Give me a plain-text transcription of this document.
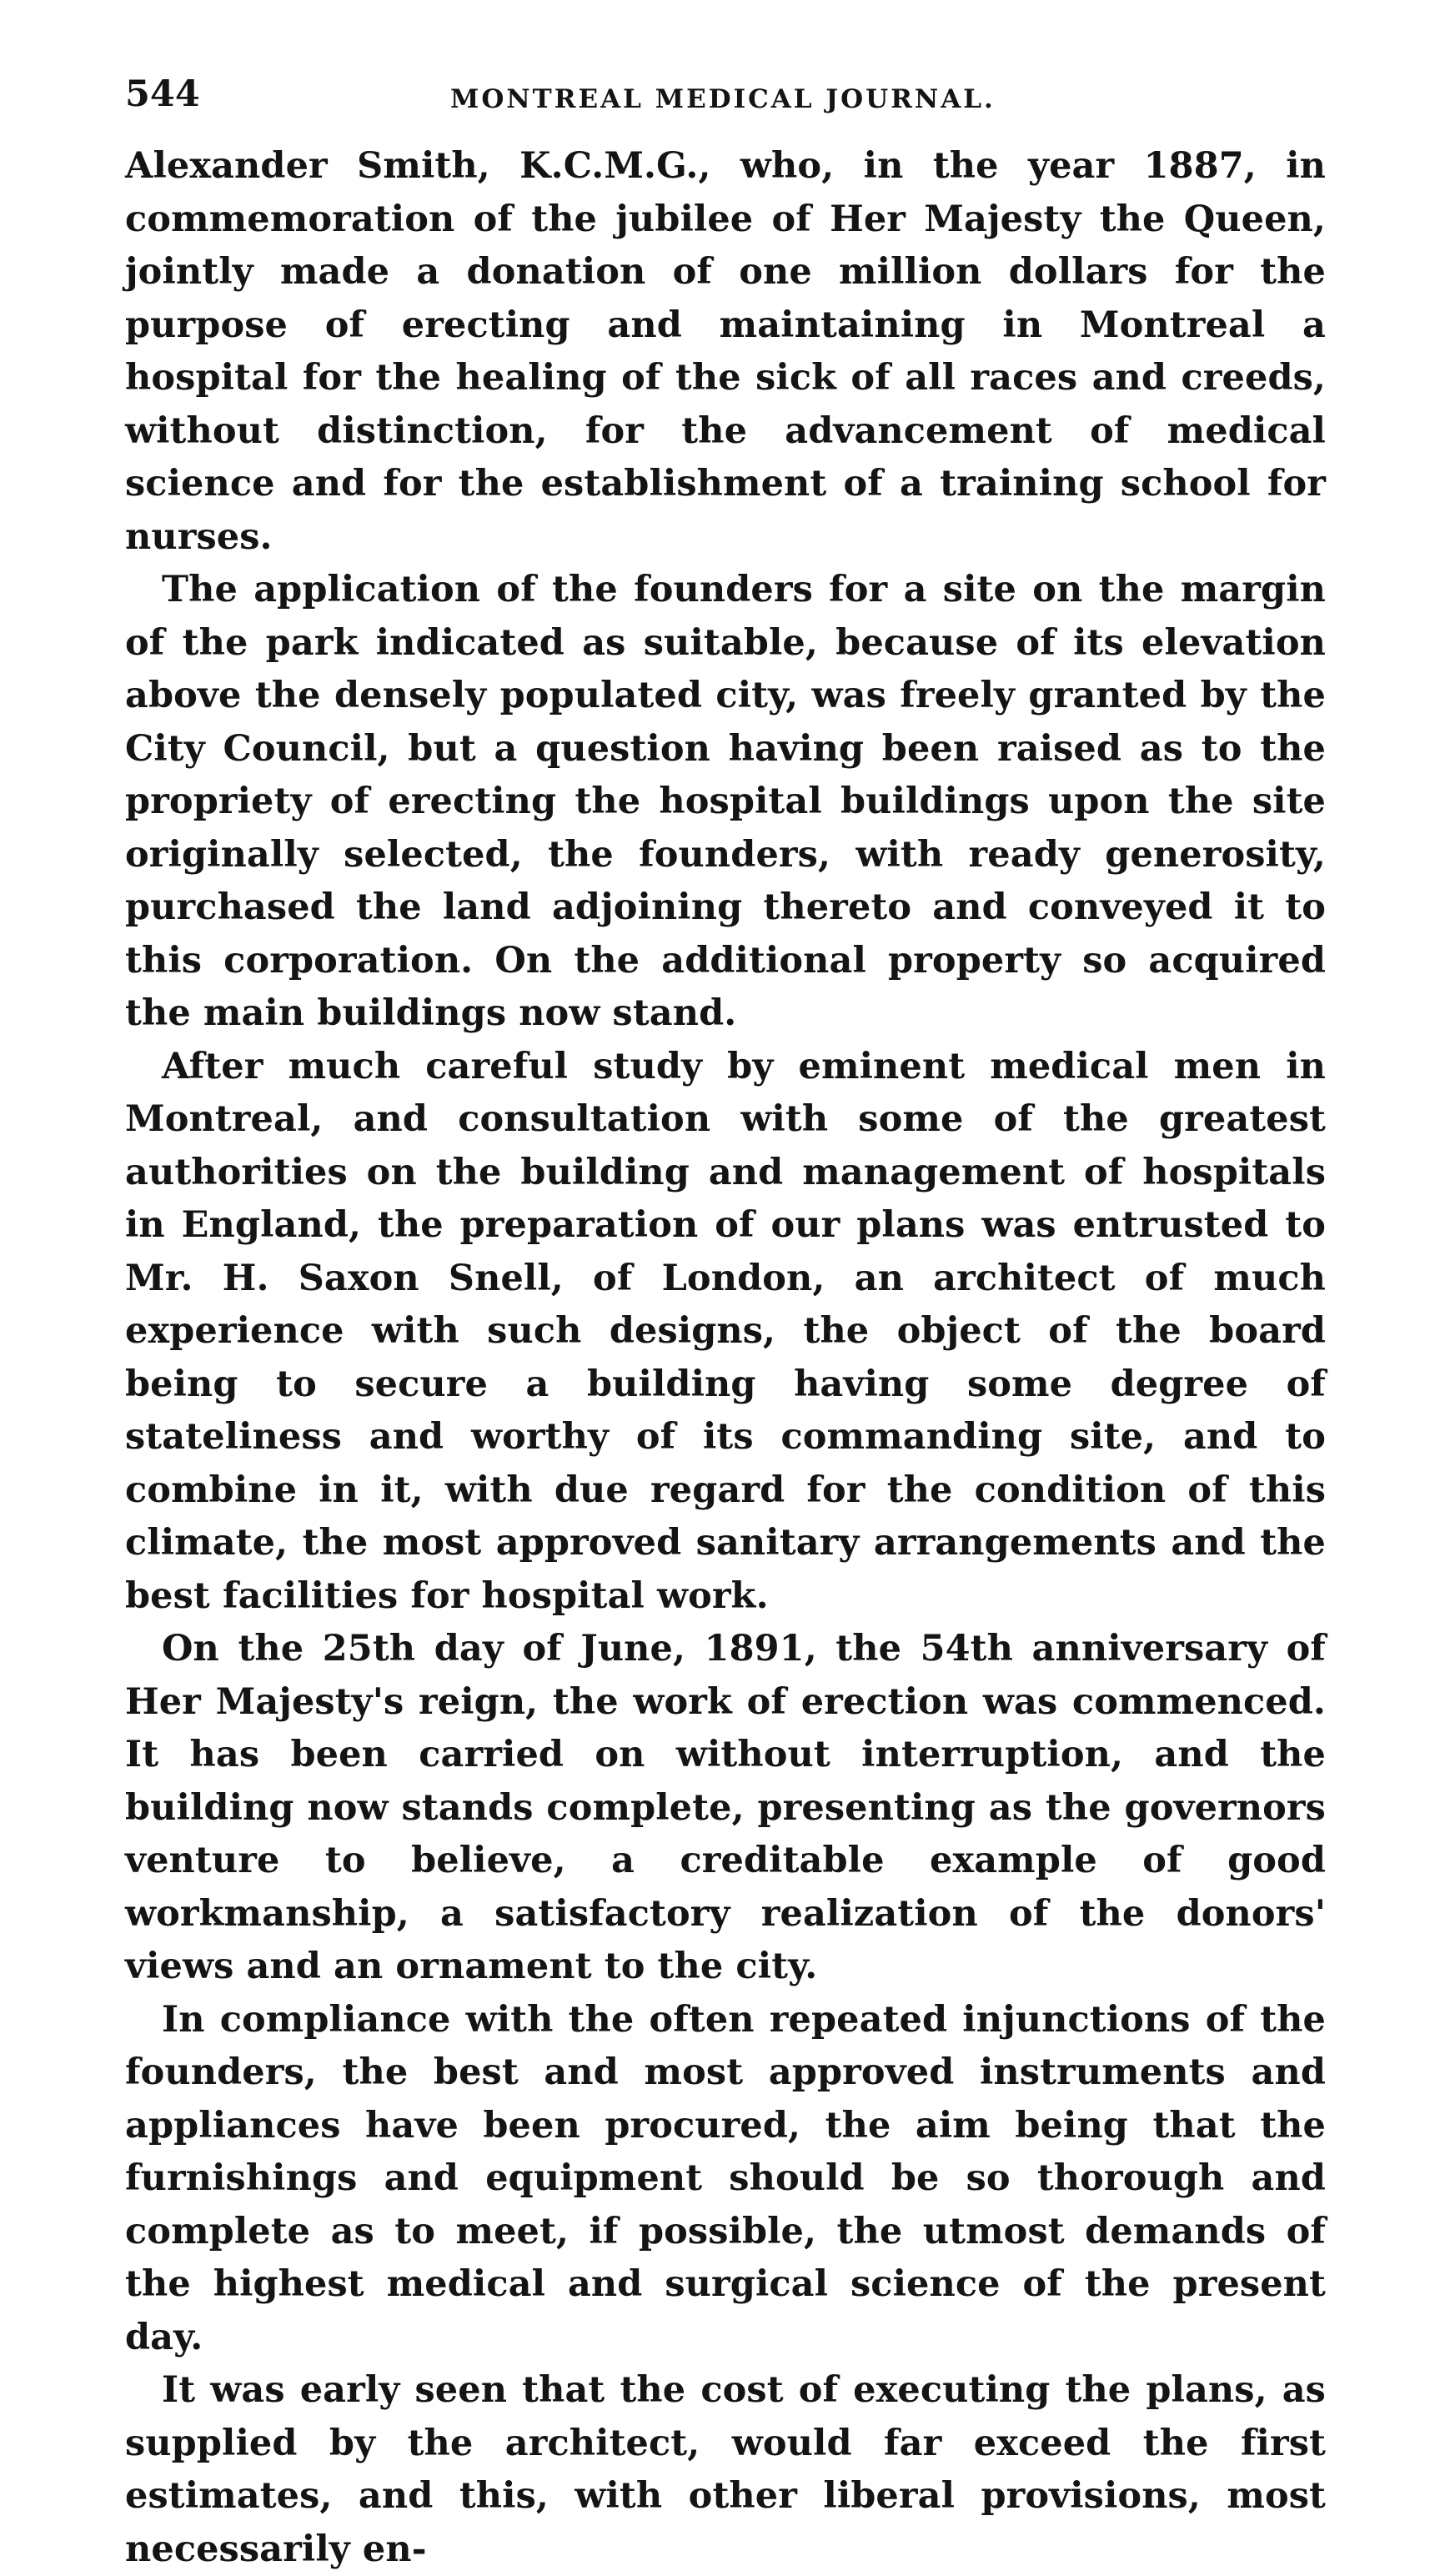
544	MONTREAL MEDICAL JOURNAL.

Alexander Smith, K.C.M.G., who, in the year 1887, in commemoration of the jubilee of Her Majesty the Queen, jointly made a donation of one million dollars for the purpose of erecting and maintaining in Montreal a hospital for the healing of the sick of all races and creeds, without distinction, for the advancement of medical science and for the establishment of a training school for nurses.

The application of the founders for a site on the margin of the park indicated as suitable, because of its elevation above the densely populated city, was freely granted by the City Council, but a question having been raised as to the propriety of erecting the hospital buildings upon the site originally selected, the founders, with ready generosity, purchased the land adjoining thereto and conveyed it to this corporation. On the additional property so acquired the main buildings now stand.

After much careful study by eminent medical men in Montreal, and consultation with some of the greatest authorities on the building and management of hospitals in England, the preparation of our plans was entrusted to Mr. H. Saxon Snell, of London, an architect of much experience with such designs, the object of the board being to secure a building having some degree of stateliness and worthy of its commanding site, and to combine in it, with due regard for the condition of this climate, the most approved sanitary arrangements and the best facilities for hospital work.

On the 25th day of June, 1891, the 54th anniversary of Her Majesty's reign, the work of erection was commenced. It has been carried on without interruption, and the building now stands complete, presenting as the governors venture to believe, a creditable example of good workmanship, a satisfactory realization of the donors' views and an ornament to the city.

In compliance with the often repeated injunctions of the founders, the best and most approved instruments and appliances have been procured, the aim being that the furnishings and equipment should be so thorough and complete as to meet, if possible, the utmost demands of the highest medical and surgical science of the present day.

It was early seen that the cost of executing the plans, as supplied by the architect, would far exceed the first estimates, and this, with other liberal provisions, most necessarily en-
